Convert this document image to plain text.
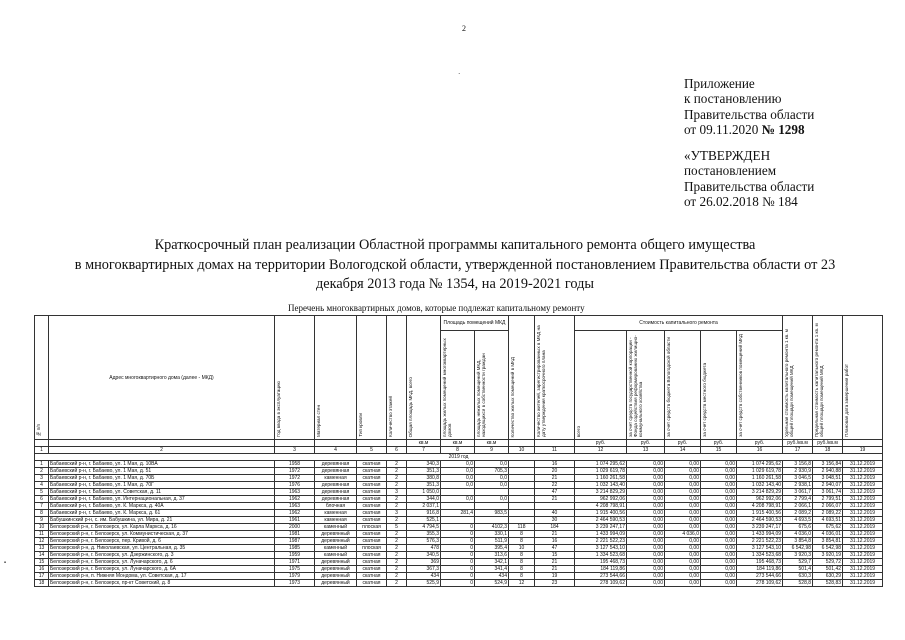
2
·
Приложение
к постановлению
Правительства области
от 09.11.2020 № 1298
«УТВЕРЖДЕН
постановлением
Правительства области
от 26.02.2018 № 184
Краткосрочный план реализации Областной программы капитального ремонта общего имущества
в многоквартирных домах на территории Вологодской области, утвержденной постановлением Правительства области от 23
декабря 2013 года № 1354, на 2019-2021 годы
Перечень многоквартирных домов, которые подлежат капитальному ремонту
№ п/п	Адрес многоквартирного дома (далее - МКД)	Год ввода в эксплуатацию	Материал стен	Тип кровли	Количество этажей	Общая площадь МКД, всего	Площадь помещений МКД		Количество жилых помещений в МКД	Количество жителей, зарегистрированных в МКД на дату утверждения краткосрочного плана	Стоимость капитального ремонта					Удельная стоимость капитального ремонта 1 кв. м общей площади помещений МКД	Предельная стоимость капитального ремонта 1 кв. м общей площади помещений МКД	Плановая дата завершения работ
							площадь жилых помещений многоквартирных домов	площадь нежилых помещений МКД, находящихся в собственности граждан			всего	за счет средств государственной корпорации - Фонда содействия реформированию жилищно-коммунального хозяйства	за счет средств бюджета Вологодской области	за счет средств местного бюджета	за счет средств собственников помещений МКД			
						кв.м	кв.м	кв.м			руб.	руб.	руб.	руб.	руб.	руб./кв.м	руб./кв.м	
1	2	3	4	5	6	7	8	9	10	11	12	13	14	15	16	17	18	19
2019 год																		
1	Бабаевский р-н, г. Бабаево, ул. 1 Мая, д. 10ВА	1958	деревянная	скатная	2	340,3	0,0	0,0		16	1 074 295,62	0,00	0,00	0,00	1 074 295,62	3 156,8	3 156,84	31.12.2019
2	Бабаевский р-н, г. Бабаево, ул. 1 Мая, д. 51	1972	деревянная	скатная	2	351,3	0,0	705,3		20	1 029 619,78	0,00	0,00	0,00	1 029 619,78	2 930,9	2 940,88	31.12.2019
3	Бабаевский р-н, г. Бабаево, ул. 1 Мая, д. 70Б	1972	каменная	скатная	2	380,8	0,0	0,0		21	1 160 261,58	0,00	0,00	0,00	1 160 261,58	3 046,5	3 048,51	31.12.2019
4	Бабаевский р-н, г. Бабаево, ул. 1 Мая, д. 70Г	1976	деревянная	скатная	2	351,3	0,0	0,0		22	1 032 143,40	0,00	0,00	0,00	1 032 143,40	2 938,1	2 940,07	31.12.2019
5	Бабаевский р-н, г. Бабаево, ул. Советская, д. 11	1963	деревянная	скатная	3	1 050,0				47	3 214 829,29	0,00	0,00	0,00	3 214 829,29	3 061,7	3 061,74	31.12.2019
6	Бабаевский р-н, г. Бабаево, ул. Интернациональная, д. 37	1962	деревянная	скатная	2	344,0	0,0	0,0		21	962 992,06	0,00	0,00	0,00	962 992,06	2 799,4	2 799,51	31.12.2019
7	Бабаевский р-н, г. Бабаево, ул. К. Маркса, д. 40А	1963	блочная	скатная	2	2 037,1					4 208 798,91	0,00	0,00	0,00	4 208 798,91	2 066,1	2 066,07	31.12.2019
8	Бабаевский р-н, г. Бабаево, ул. К. Маркса, д. 61	1962	каменная	скатная	3	916,8	281,4	983,5		40	1 915 400,56	0,00	0,00	0,00	1 915 400,56	2 089,2	2 089,22	31.12.2019
9	Бабушкинский р-н, с. им. Бабушкина, ул. Мира, д. 21	1961	каменная	скатная	2	525,1				30	2 464 590,53	0,00	0,00	0,00	2 464 590,53	4 693,5	4 693,51	31.12.2019
10	Белозерский р-н, г. Белозерск, ул. Карла Маркса, д. 16	2000	каменный	плоская	5	4 794,5	0	4102,3	118	184	3 239 247,17	0,00	0,00	0,00	3 239 247,17	675,6	675,62	31.12.2019
11	Белозерский р-н, г. Белозерск, ул. Коммунистическая, д. 37	1981	деревянный	скатная	2	355,3	0	330,1	8	21	1 433 994,09	0,00	4 036,0	0,00	1 433 994,09	4 036,0	4 036,01	31.12.2019
12	Белозерский р-н, г. Белозерск, пер. Кривой, д. 6	1987	деревянный	скатная	2	576,3	0	511,9	8	16	2 221 522,23	0,00	0,00	0,00	2 221 522,23	3 854,8	3 854,81	31.12.2019
13	Белозерский р-н, д. Николаевская, ул. Центральная, д. 35	1985	каменный	плоская	2	478	0	395,4	10	47	3 127 543,10	0,00	0,00	0,00	3 127 543,10	6 542,98	6 542,98	31.12.2019
14	Белозерский р-н, г. Белозерск, ул. Дзержинского, д. 3	1959	каменный	скатная	2	340,5	0	313,6	8	15	1 334 523,68	0,00	0,00	0,00	1 334 523,68	3 920,3	3 920,19	31.12.2019
15	Белозерский р-н, г. Белозерск, ул. Луначарского, д. 6	1971	деревянный	скатная	2	369	0	342,1	8	21	195 468,73	0,00	0,00	0,00	195 468,73	529,7	529,72	31.12.2019
16	Белозерский р-н, г. Белозерск, ул. Луначарского, д. 6А	1975	деревянный	скатная	2	367,3	0	341,4	8	21	184 119,86	0,00	0,00	0,00	184 119,86	501,4	501,42	31.12.2019
17	Белозерский р-н, п. Нижняя Мондома, ул. Советская, д. 17	1979	деревянный	скатная	2	434	0	434	8	19	273 544,66	0,00	0,00	0,00	273 544,66	630,3	630,29	31.12.2019
18	Белозерский р-н, г. Белозерск, пр-кт Советский, д. 8	1973	деревянный	скатная	2	525,9	0	524,9	12	23	278 109,62	0,00	0,00	0,00	278 109,62	528,8	528,83	31.12.2019
▪
